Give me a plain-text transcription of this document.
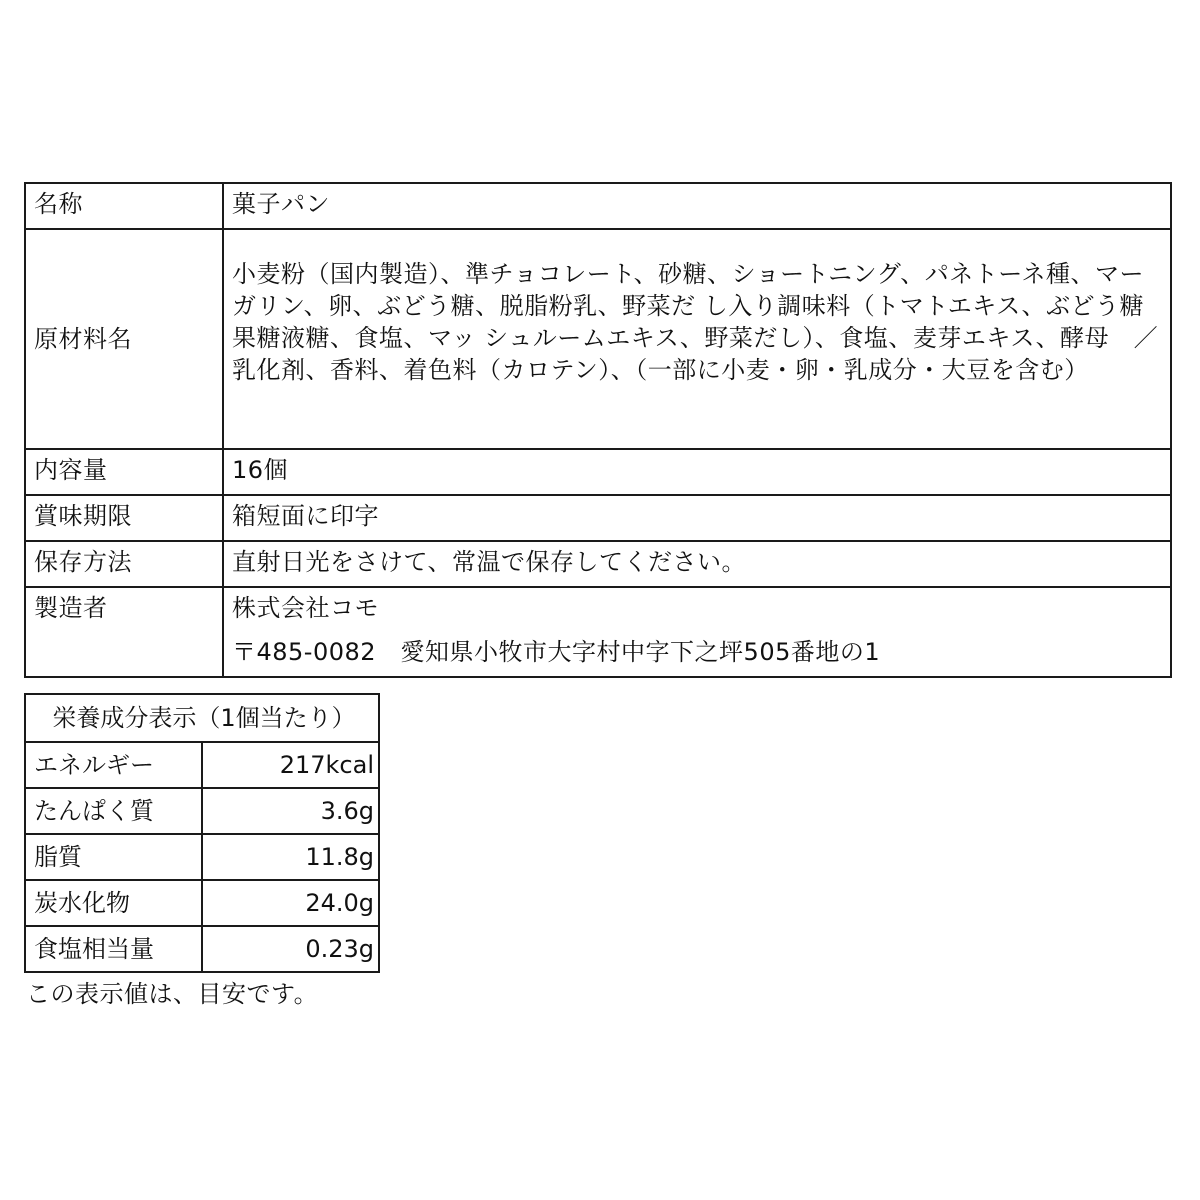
名称	菓子パン
原材料名	小麦粉（国内製造）、準チョコレート、砂糖、ショートニング、パネトーネ種、マーガリン、卵、ぶどう糖、脱脂粉乳、野菜だ し入り調味料（トマトエキス、ぶどう糖果糖液糖、食塩、マッ シュルームエキス、野菜だし）、食塩、麦芽エキス、酵母　／ 乳化剤、香料、着色料（カロテン）、（一部に小麦・卵・乳成分・大豆を含む）
内容量	16個
賞味期限	箱短面に印字
保存方法	直射日光をさけて、常温で保存してください。
製造者	株式会社コモ
〒485-0082　愛知県小牧市大字村中字下之坪505番地の1
栄養成分表示（1個当たり）	
エネルギー	217kcal
たんぱく質	3.6g
脂質	11.8g
炭水化物	24.0g
食塩相当量	0.23g
この表示値は、目安です。
